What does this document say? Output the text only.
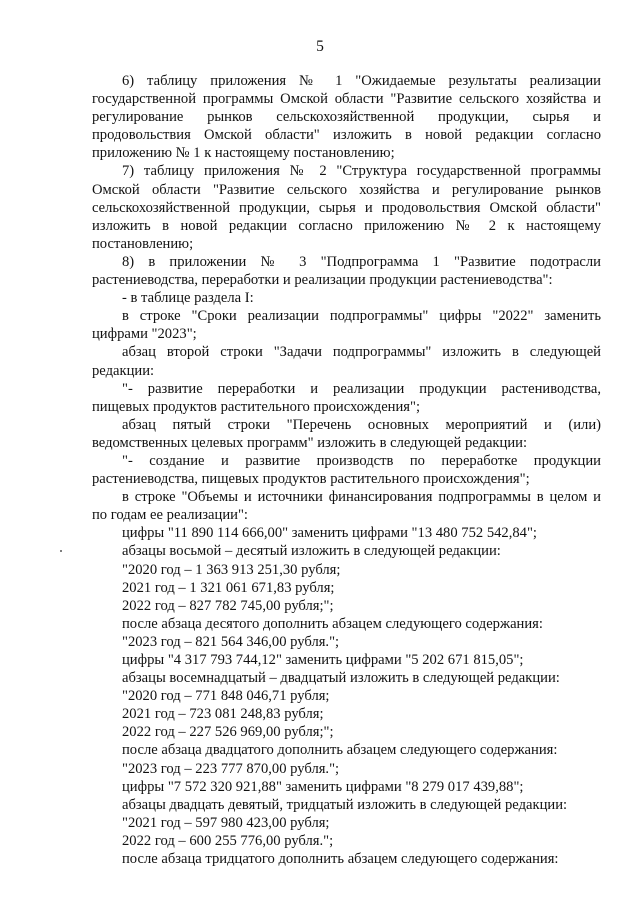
5

6) таблицу приложения № 1 "Ожидаемые результаты реализации

государственной программы Омской области "Развитие сельского хозяйства и

регулирование рынков сельскохозяйственной продукции, сырья и

продовольствия Омской области" изложить в новой редакции согласно

приложению № 1 к настоящему постановлению;

7) таблицу приложения № 2 "Структура государственной программы

Омской области "Развитие сельского хозяйства и регулирование рынков

сельскохозяйственной продукции, сырья и продовольствия Омской области"

изложить в новой редакции согласно приложению № 2 к настоящему

постановлению;

8) в приложении № 3 "Подпрограмма 1 "Развитие подотрасли

растениеводства, переработки и реализации продукции растениеводства":

- в таблице раздела I:

в строке "Сроки реализации подпрограммы" цифры "2022" заменить

цифрами "2023";

абзац второй строки "Задачи подпрограммы" изложить в следующей

редакции:

"- развитие переработки и реализации продукции растениводства,

пищевых продуктов растительного происхождения";

абзац пятый строки "Перечень основных мероприятий и (или)

ведомственных целевых программ" изложить в следующей редакции:

"- создание и развитие производств по переработке продукции

растениеводства, пищевых продуктов растительного происхождения";

в строке "Объемы и источники финансирования подпрограммы в целом и

по годам ее реализации":

цифры "11 890 114 666,00" заменить цифрами "13 480 752 542,84";

абзацы восьмой – десятый изложить в следующей редакции:

"2020 год – 1 363 913 251,30 рубля;

2021 год – 1 321 061 671,83 рубля;

2022 год – 827 782 745,00 рубля;";

после абзаца десятого дополнить абзацем следующего содержания:

"2023 год – 821 564 346,00 рубля.";

цифры "4 317 793 744,12" заменить цифрами "5 202 671 815,05";

абзацы восемнадцатый – двадцатый изложить в следующей редакции:

"2020 год – 771 848 046,71 рубля;

2021 год – 723 081 248,83 рубля;

2022 год – 227 526 969,00 рубля;";

после абзаца двадцатого дополнить абзацем следующего содержания:

"2023 год – 223 777 870,00 рубля.";

цифры "7 572 320 921,88" заменить цифрами "8 279 017 439,88";

абзацы двадцать девятый, тридцатый изложить в следующей редакции:

"2021 год – 597 980 423,00 рубля;

2022 год – 600 255 776,00 рубля.";

после абзаца тридцатого дополнить абзацем следующего содержания:
